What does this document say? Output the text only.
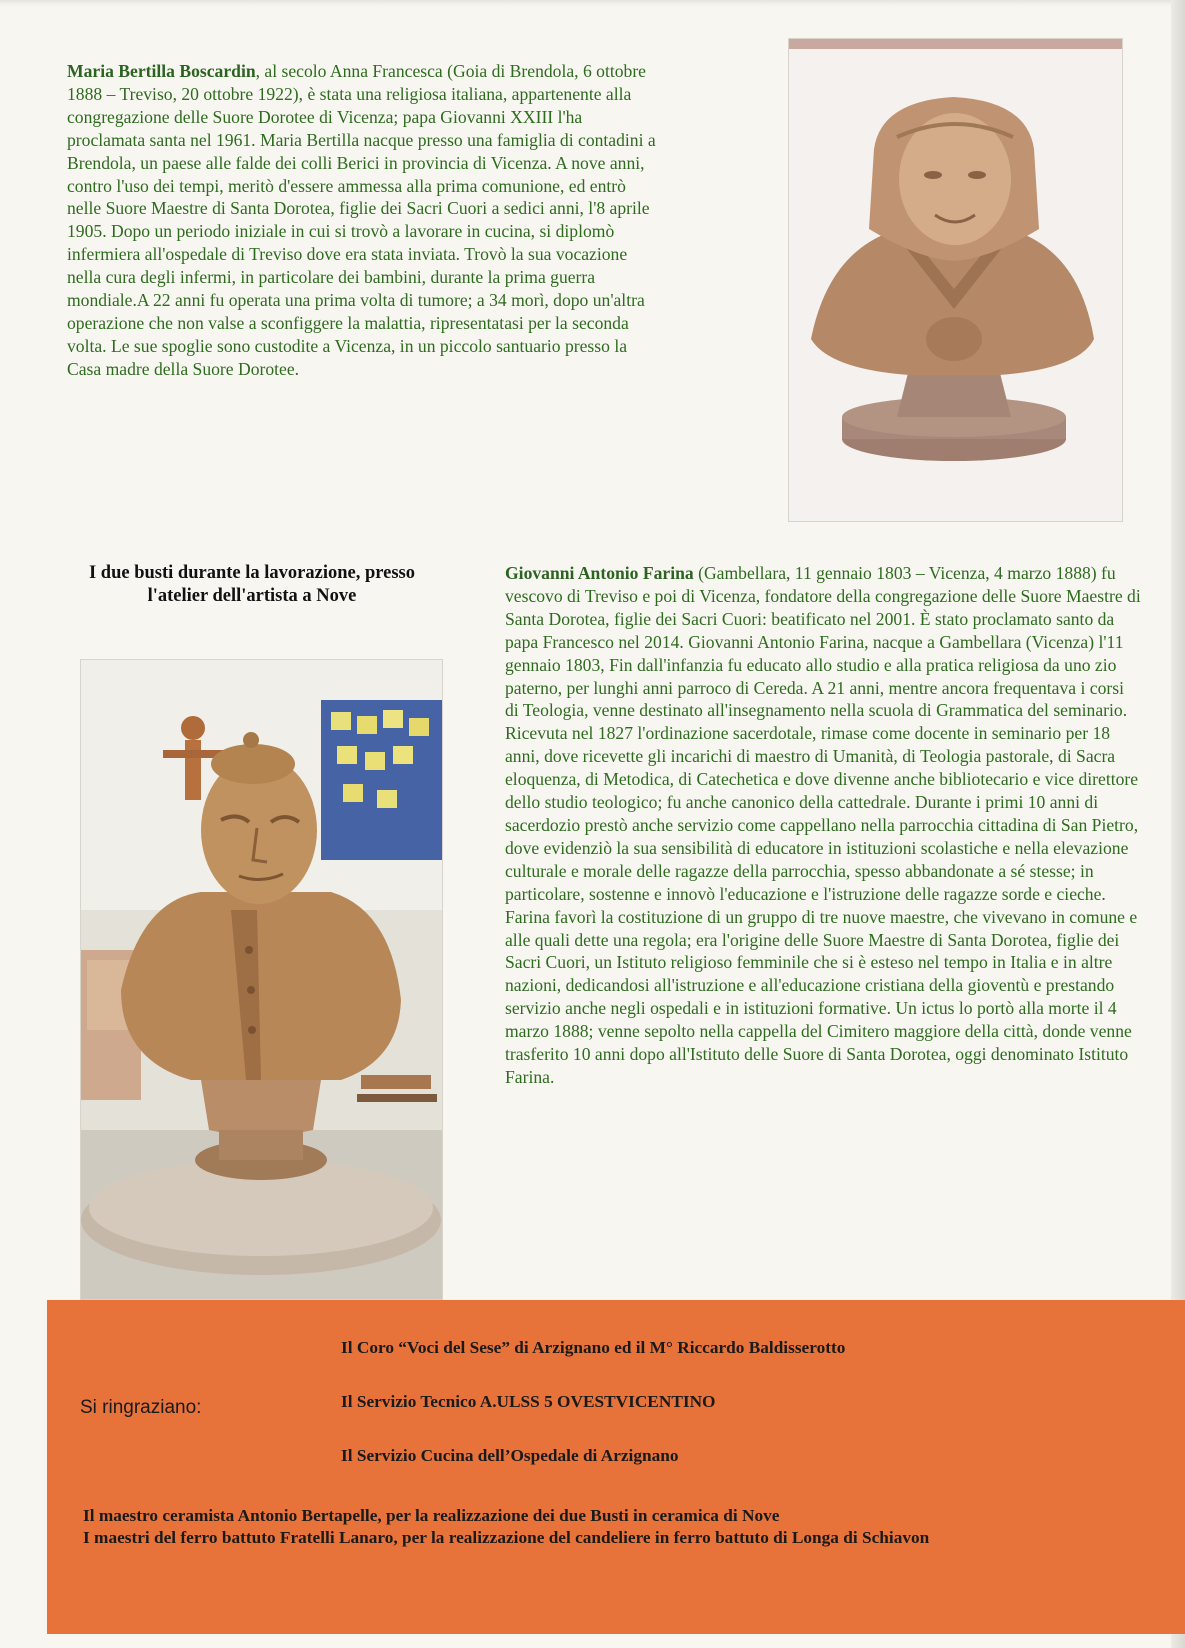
Maria Bertilla Boscardin, al secolo Anna Francesca (Goia di Brendola, 6 ottobre 1888 – Treviso, 20 ottobre 1922), è stata una religiosa italiana, appartenente alla congregazione delle Suore Dorotee di Vicenza; papa Giovanni XXIII l'ha proclamata santa nel 1961. Maria Bertilla nacque presso una famiglia di contadini a Brendola, un paese alle falde dei colli Berici in provincia di Vicenza. A nove anni, contro l'uso dei tempi, meritò d'essere ammessa alla prima comunione, ed entrò nelle Suore Maestre di Santa Dorotea, figlie dei Sacri Cuori a sedici anni, l'8 aprile 1905. Dopo un periodo iniziale in cui si trovò a lavorare in cucina, si diplomò infermiera all'ospedale di Treviso dove era stata inviata. Trovò la sua vocazione nella cura degli infermi, in particolare dei bambini, durante la prima guerra mondiale.A 22 anni fu operata una prima volta di tumore; a 34 morì, dopo un'altra operazione che non valse a sconfiggere la malattia, ripresentatasi per la seconda volta. Le sue spoglie sono custodite a Vicenza, in un piccolo santuario presso la Casa madre della Suore Dorotee.
I due busti durante la lavorazione, presso l'atelier dell'artista a Nove
Giovanni Antonio Farina (Gambellara, 11 gennaio 1803 – Vicenza, 4 marzo 1888) fu vescovo di Treviso e poi di Vicenza, fondatore della congregazione delle Suore Maestre di Santa Dorotea, figlie dei Sacri Cuori: beatificato nel 2001. È stato proclamato santo da papa Francesco nel 2014. Giovanni Antonio Farina, nacque a Gambellara (Vicenza) l'11 gennaio 1803, Fin dall'infanzia fu educato allo studio e alla pratica religiosa da uno zio paterno, per lunghi anni parroco di Cereda. A 21 anni, mentre ancora frequentava i corsi di Teologia, venne destinato all'insegnamento nella scuola di Grammatica del seminario. Ricevuta nel 1827 l'ordinazione sacerdotale, rimase come docente in seminario per 18 anni, dove ricevette gli incarichi di maestro di Umanità, di Teologia pastorale, di Sacra eloquenza, di Metodica, di Catechetica e dove divenne anche bibliotecario e vice direttore dello studio teologico; fu anche canonico della cattedrale. Durante i primi 10 anni di sacerdozio prestò anche servizio come cappellano nella parrocchia cittadina di San Pietro, dove evidenziò la sua sensibilità di educatore in istituzioni scolastiche e nella elevazione culturale e morale delle ragazze della parrocchia, spesso abbandonate a sé stesse; in particolare, sostenne e innovò l'educazione e l'istruzione delle ragazze sorde e cieche. Farina favorì la costituzione di un gruppo di tre nuove maestre, che vivevano in comune e alle quali dette una regola; era l'origine delle Suore Maestre di Santa Dorotea, figlie dei Sacri Cuori, un Istituto religioso femminile che si è esteso nel tempo in Italia e in altre nazioni, dedicandosi all'istruzione e all'educazione cristiana della gioventù e prestando servizio anche negli ospedali e in istituzioni formative. Un ictus lo portò alla morte il 4 marzo 1888; venne sepolto nella cappella del Cimitero maggiore della città, donde venne trasferito 10 anni dopo all'Istituto delle Suore di Santa Dorotea, oggi denominato Istituto Farina.
Si ringraziano:
Il Coro “Voci del Sese” di Arzignano ed il M° Riccardo Baldisserotto
Il Servizio Tecnico A.ULSS 5 OVESTVICENTINO
Il Servizio Cucina dell’Ospedale di Arzignano
Il maestro ceramista Antonio Bertapelle, per la realizzazione dei due Busti in ceramica di Nove
I maestri del ferro battuto Fratelli Lanaro, per la realizzazione del candeliere in ferro battuto di Longa di Schiavon
